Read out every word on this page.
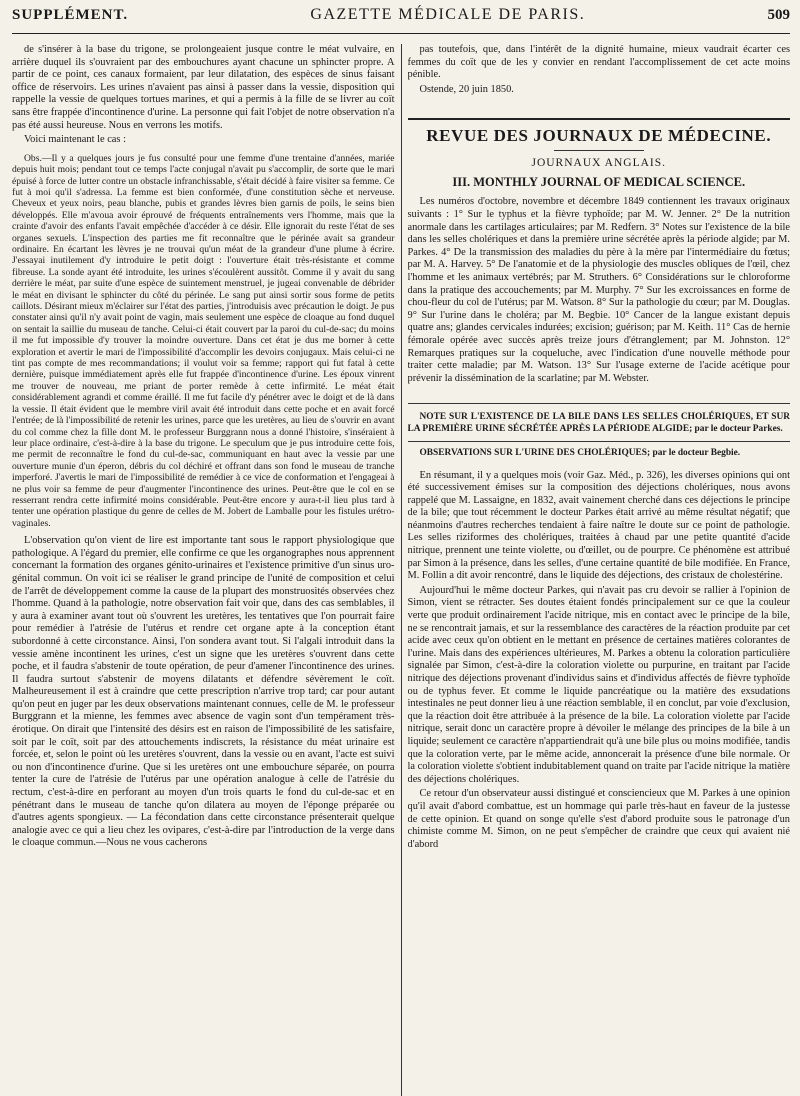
SUPPLÉMENT.	GAZETTE MÉDICALE DE PARIS.	509

de s'insérer à la base du trigone, se prolongeaient jusque contre le méat vulvaire, en arrière duquel ils s'ouvraient par des embouchures ayant chacune un sphincter propre. A partir de ce point, ces canaux formaient, par leur dilatation, des espèces de sinus faisant office de réservoirs. Les urines n'avaient pas ainsi à passer dans la vessie, disposition qui rappelle la vessie de quelques tortues marines, et qui a permis à la fille de se livrer au coït sans être frappée d'incontinence d'urine. La personne qui fait l'objet de notre observation n'a pas été aussi heureuse. Nous en verrons les motifs.

Voici maintenant le cas :

Obs.—Il y a quelques jours je fus consulté pour une femme d'une trentaine d'années, mariée depuis huit mois; pendant tout ce temps l'acte conjugal n'avait pu s'accomplir, de sorte que le mari épuisé à force de lutter contre un obstacle infranchissable, s'était décidé à faire visiter sa femme. Ce fut à moi qu'il s'adressa. La femme est bien conformée, d'une constitution sèche et nerveuse. Cheveux et yeux noirs, peau blanche, pubis et grandes lèvres bien garnis de poils, le seins bien développés. Elle m'avoua avoir éprouvé de fréquents entraînements vers l'homme, mais que la crainte d'avoir des enfants l'avait empêchée d'accéder à ce désir. Elle ignorait du reste l'état de ses organes sexuels. L'inspection des parties me fit reconnaître que le périnée avait sa grandeur ordinaire. En écartant les lèvres je ne trouvai qu'un méat de la grandeur d'une plume à écrire. J'essayai inutilement d'y introduire le petit doigt : l'ouverture était très-résistante et comme fibreuse. La sonde ayant été introduite, les urines s'écoulèrent aussitôt. Comme il y avait du sang derrière le méat, par suite d'une espèce de suintement menstruel, je jugeai convenable de débrider le méat en divisant le sphincter du côté du périnée. Le sang put ainsi sortir sous forme de petits caillots. Désirant mieux m'éclairer sur l'état des parties, j'introduisis avec précaution le doigt. Je pus constater ainsi qu'il n'y avait point de vagin, mais seulement une espèce de cloaque au fond duquel on sentait la saillie du museau de tanche. Celui-ci était couvert par la paroi du cul-de-sac; du moins il me fut impossible d'y trouver la moindre ouverture. Dans cet état je dus me borner à cette exploration et avertir le mari de l'impossibilité d'accomplir les devoirs conjugaux. Mais celui-ci ne tint pas compte de mes recommandations; il voulut voir sa femme; rapport qui fut fatal à cette dernière, puisque immédiatement après elle fut frappée d'incontinence d'urine. Les époux vinrent me trouver de nouveau, me priant de porter remède à cette infirmité. Le méat était considérablement agrandi et comme éraillé. Il me fut facile d'y pénétrer avec le doigt et de là dans la vessie. Il était évident que le membre viril avait été introduit dans cette poche et en avait forcé l'entrée; de là l'impossibilité de retenir les urines, parce que les uretères, au lieu de s'ouvrir en avant du col comme chez la fille dont M. le professeur Burggrann nous a donné l'histoire, s'inséraient à leur place ordinaire, c'est-à-dire à la base du trigone. Le speculum que je pus introduire cette fois, me permit de reconnaître le fond du cul-de-sac, communiquant en haut avec la vessie par une ouverture munie d'un éperon, débris du col déchiré et offrant dans son fond le museau de tranche imperforé. J'avertis le mari de l'impossibilité de remédier à ce vice de conformation et l'engageai à ne plus voir sa femme de peur d'augmenter l'incontinence des urines. Peut-être que le col en se resserrant rendra cette infirmité moins considérable. Peut-être encore y aura-t-il lieu plus tard à tenter une opération plastique du genre de celles de M. Jobert de Lamballe pour les fistules urétro-vaginales.

L'observation qu'on vient de lire est importante tant sous le rapport physiologique que pathologique. A l'égard du premier, elle confirme ce que les organographes nous apprennent concernant la formation des organes génito-urinaires et l'existence primitive d'un sinus uro-génital commun. On voit ici se réaliser le grand principe de l'unité de composition et celui de l'arrêt de développement comme la cause de la plupart des monstruosités observées chez l'homme. Quand à la pathologie, notre observation fait voir que, dans des cas semblables, il y aura à examiner avant tout où s'ouvrent les uretères, les tentatives que l'on pourrait faire pour remédier à l'atrésie de l'utérus et rendre cet organe apte à la conception étant subordonné à cette circonstance. Ainsi, l'on sondera avant tout. Si l'algali introduit dans la vessie amène incontinent les urines, c'est un signe que les uretères s'ouvrent dans cette poche, et il faudra s'abstenir de toute opération, de peur d'amener l'incontinence des urines. Il faudra surtout s'abstenir de moyens dilatants et défendre sévèrement le coït. Malheureusement il est à craindre que cette prescription n'arrive trop tard; car pour autant qu'on peut en juger par les deux observations maintenant connues, celle de M. le professeur Burggrann et la mienne, les femmes avec absence de vagin sont d'un tempérament très-érotique. On dirait que l'intensité des désirs est en raison de l'impossibilité de les satisfaire, soit par le coït, soit par des attouchements indiscrets, la résistance du méat urinaire est forcée, et, selon le point où les uretères s'ouvrent, dans la vessie ou en avant, l'acte est suivi ou non d'incontinence d'urine. Que si les uretères ont une embouchure séparée, on pourra tenter la cure de l'atrésie de l'utérus par une opération analogue à celle de l'atrésie du rectum, c'est-à-dire en perforant au moyen d'un trois quarts le fond du cul-de-sac et en pénétrant dans le museau de tanche qu'on dilatera au moyen de l'éponge préparée ou d'autres agents spongieux. — La fécondation dans cette circonstance présenterait quelque analogie avec ce qui a lieu chez les ovipares, c'est-à-dire par l'introduction de la verge dans le cloaque commun.—Nous ne vous cacherons

pas toutefois, que, dans l'intérêt de la dignité humaine, mieux vaudrait écarter ces femmes du coït que de les y convier en rendant l'accomplissement de cet acte moins pénible.

Ostende, 20 juin 1850.

REVUE DES JOURNAUX DE MÉDECINE.
JOURNAUX ANGLAIS.
III. MONTHLY JOURNAL OF MEDICAL SCIENCE.

Les numéros d'octobre, novembre et décembre 1849 contiennent les travaux originaux suivants : 1° Sur le typhus et la fièvre typhoïde; par M. W. Jenner. 2° De la nutrition anormale dans les cartilages articulaires; par M. Redfern. 3° Notes sur l'existence de la bile dans les selles cholériques et dans la première urine sécrétée après la période algide; par M. Parkes. 4° De la transmission des maladies du père à la mère par l'intermédiaire du fœtus; par M. A. Harvey. 5° De l'anatomie et de la physiologie des muscles obliques de l'œil, chez l'homme et les animaux vertébrés; par M. Struthers. 6° Considérations sur le chloroforme dans la pratique des accouchements; par M. Murphy. 7° Sur les excroissances en forme de chou-fleur du col de l'utérus; par M. Watson. 8° Sur la pathologie du cœur; par M. Douglas. 9° Sur l'urine dans le choléra; par M. Begbie. 10° Cancer de la langue existant depuis quatre ans; glandes cervicales indurées; excision; guérison; par M. Keith. 11° Cas de hernie fémorale opérée avec succès après treize jours d'étranglement; par M. Johnston. 12° Remarques pratiques sur la coqueluche, avec l'indication d'une nouvelle méthode pour traiter cette maladie; par M. Watson. 13° Sur l'usage externe de l'acide acétique pour prévenir la dissémination de la scarlatine; par M. Webster.

NOTE SUR L'EXISTENCE DE LA BILE DANS LES SELLES CHOLÉRIQUES, ET SUR LA PREMIÈRE URINE SÉCRÉTÉE APRÈS LA PÉRIODE ALGIDE; par le docteur Parkes.
OBSERVATIONS SUR L'URINE DES CHOLÉRIQUES; par le docteur Begbie.

En résumant, il y a quelques mois (voir Gaz. Méd., p. 326), les diverses opinions qui ont été successivement émises sur la composition des déjections cholériques, nous avons rappelé que M. Lassaigne, en 1832, avait vainement cherché dans ces déjections le principe de la bile; que tout récemment le docteur Parkes était arrivé au même résultat négatif; que néanmoins d'autres recherches tendaient à faire naître le doute sur ce point de pathologie. Les selles riziformes des cholériques, traitées à chaud par une petite quantité d'acide nitrique, prennent une teinte violette, ou d'œillet, ou de pourpre. Ce phénomène est attribué par Simon à la présence, dans les selles, d'une certaine quantité de bile modifiée. En France, M. Follin a dit avoir rencontré, dans le liquide des déjections, des cristaux de cholestérine.

Aujourd'hui le même docteur Parkes, qui n'avait pas cru devoir se rallier à l'opinion de Simon, vient se rétracter. Ses doutes étaient fondés principalement sur ce que la couleur verte que produit ordinairement l'acide nitrique, mis en contact avec le principe de la bile, ne se rencontrait jamais, et sur la ressemblance des caractères de la réaction produite par cet acide avec ceux qu'on obtient en le mettant en présence de certaines matières colorantes de l'urine. Mais dans des expériences ultérieures, M. Parkes a obtenu la coloration particulière signalée par Simon, c'est-à-dire la coloration violette ou purpurine, en traitant par l'acide nitrique des déjections provenant d'individus sains et d'individus affectés de fièvre typhoïde ou de typhus fever. Et comme le liquide pancréatique ou la matière des exsudations intestinales ne peut donner lieu à une réaction semblable, il en conclut, par voie d'exclusion, que la réaction doit être attribuée à la présence de la bile. La coloration violette par l'acide nitrique, serait donc un caractère propre à dévoiler le mélange des principes de la bile à un liquide; seulement ce caractère n'appartiendrait qu'à une bile plus ou moins modifiée, tandis que la coloration verte, par le même acide, annoncerait la présence d'une bile normale. Or la coloration violette s'obtient indubitablement quand on traite par l'acide nitrique la matière des déjections cholériques.

Ce retour d'un observateur aussi distingué et consciencieux que M. Parkes à une opinion qu'il avait d'abord combattue, est un hommage qui parle très-haut en faveur de la justesse de cette opinion. Et quand on songe qu'elle s'est d'abord produite sous le patronage d'un chimiste comme M. Simon, on ne peut s'empêcher de craindre que ceux qui avaient nié d'abord
